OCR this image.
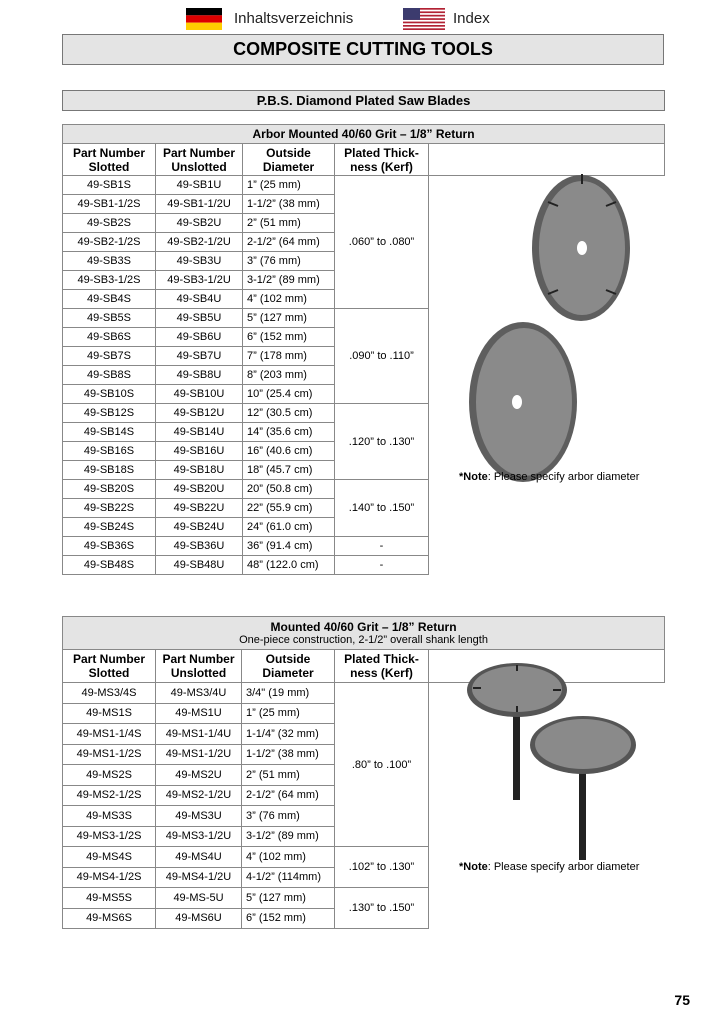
Inhaltsverzeichnis	Index
COMPOSITE CUTTING TOOLS
P.B.S. Diamond Plated Saw Blades
Arbor Mounted 40/60 Grit – 1/8” Return				
Part Number Slotted	Part Number Unslotted	Outside Diameter	Plated Thick-ness (Kerf)	*Note: Please specify arbor diameter

49-SB1S	49-SB1U	1” (25 mm)	.060” to .080”	
49-SB1-1/2S	49-SB1-1/2U	1-1/2” (38 mm)		
49-SB2S	49-SB2U	2” (51 mm)		
49-SB2-1/2S	49-SB2-1/2U	2-1/2” (64 mm)		
49-SB3S	49-SB3U	3” (76 mm)		
49-SB3-1/2S	49-SB3-1/2U	3-1/2” (89 mm)		
49-SB4S	49-SB4U	4” (102 mm)		
49-SB5S	49-SB5U	5” (127 mm)	.090” to .110”	
49-SB6S	49-SB6U	6” (152 mm)		
49-SB7S	49-SB7U	7” (178 mm)		
49-SB8S	49-SB8U	8” (203 mm)		
49-SB10S	49-SB10U	10” (25.4 cm)		
49-SB12S	49-SB12U	12” (30.5 cm)	.120” to .130”	
49-SB14S	49-SB14U	14” (35.6 cm)		
49-SB16S	49-SB16U	16” (40.6 cm)		
49-SB18S	49-SB18U	18” (45.7 cm)		
49-SB20S	49-SB20U	20” (50.8 cm)	.140” to .150”	
49-SB22S	49-SB22U	22” (55.9 cm)		
49-SB24S	49-SB24U	24” (61.0 cm)		
49-SB36S	49-SB36U	36” (91.4 cm)	-	
49-SB48S	49-SB48U	48” (122.0 cm)	-	
Mounted 40/60 Grit – 1/8” Return
One-piece construction, 2-1/2” overall shank length				

Part Number Slotted	Part Number Unslotted	Outside Diameter	Plated Thick-ness (Kerf)	*Note: Please specify arbor diameter

49-MS3/4S	49-MS3/4U	3/4" (19 mm)	.80” to .100”	
49-MS1S	49-MS1U	1” (25 mm)		
49-MS1-1/4S	49-MS1-1/4U	1-1/4” (32 mm)		
49-MS1-1/2S	49-MS1-1/2U	1-1/2” (38 mm)		
49-MS2S	49-MS2U	2” (51 mm)		
49-MS2-1/2S	49-MS2-1/2U	2-1/2” (64 mm)		
49-MS3S	49-MS3U	3” (76 mm)		
49-MS3-1/2S	49-MS3-1/2U	3-1/2” (89 mm)		
49-MS4S	49-MS4U	4” (102 mm)	.102” to .130”	
49-MS4-1/2S	49-MS4-1/2U	4-1/2” (114mm)		
49-MS5S	49-MS-5U	5” (127 mm)	.130” to .150”	
49-MS6S	49-MS6U	6” (152 mm)		
75
